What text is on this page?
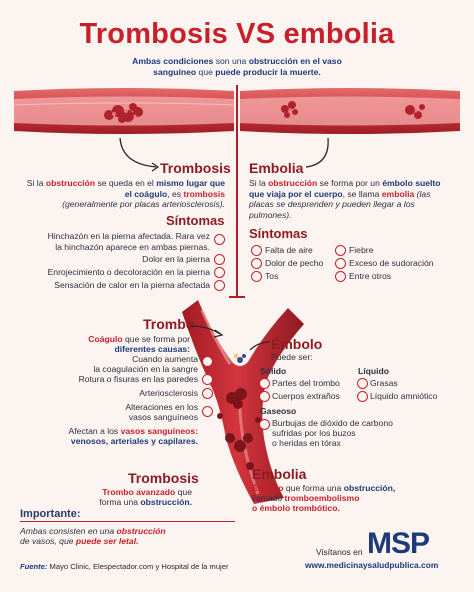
Trombosis VS embolia
Ambas condiciones son una obstrucción en el vaso sanguíneo que puede producir la muerte.
Trombosis
Si la obstrucción se queda en el mismo lugar que el coágulo, es trombosis
(generalmente por placas arteriosclerosis).
Síntomas
Hinchazón en la pierna afectada. Rara vez
la hinchazón aparece en ambas piernas.
Dolor en la pierna
Enrojecimiento o decoloración en la pierna
Sensación de calor en la pierna afectada
Embolia
Si la obstrucción se forma por un émbolo suelto que viaja por el cuerpo, se llama embolia (las placas se desprenden y pueden llegar a los pulmones).
Síntomas
Falta de aire
Dolor de pecho
Tos
Fiebre
Exceso de sudoración
Entre otros
Trombo
Coágulo que se forma por
diferentes causas:
Cuando aumenta
la coagulación en la sangre
Rotura o fisuras en las paredes
Arteriosclerosis
Alteraciones en los
vasos sanguíneos
Afectan a los vasos sanguíneos:
venosos, arteriales y capilares.
Émbolo
Puede ser:
Sólido
Partes del trombo
Cuerpos extraños
Líquido
Grasas
Líquido amniótico
Gaseoso
Burbujas de dióxido de carbono
sufridas por los buzos
o heridas en tórax
Trombosis
Trombo avanzado que
forma una obstrucción.
Embolia
Émbolo que forma una obstrucción,
llamado tromboembolismo
o émbolo trombótico.
Importante:
Ambas consisten en una obstrucción
de vasos, que puede ser letal.
Fuente: Mayo Clinic, Elespectador.com y Hospital de la mujer
Visítanos en MSP
www.medicinaysaludpublica.com
